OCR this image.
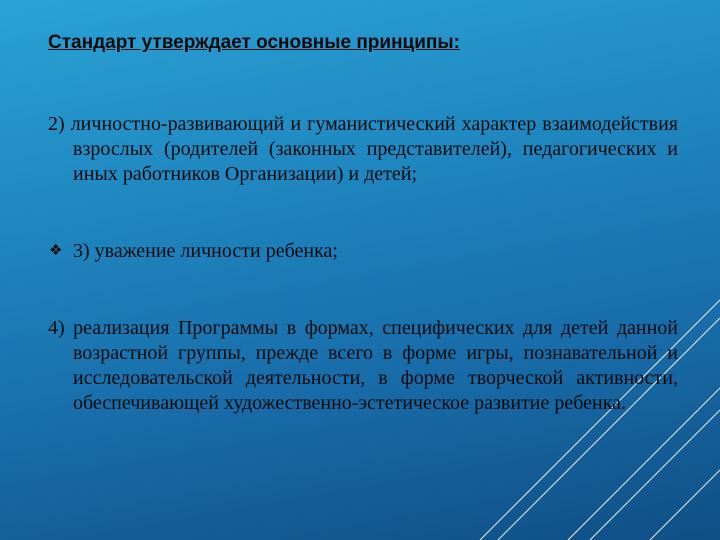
Стандарт утверждает основные принципы:

2) личностно-развивающий и гуманистический характер взаимодействия взрослых (родителей (законных представителей), педагогических и иных работников Организации) и детей;

❖ 3) уважение личности ребенка;

4) реализация Программы в формах, специфических для детей данной возрастной группы, прежде всего в форме игры, познавательной и исследовательской деятельности, в форме творческой активности, обеспечивающей художественно-эстетическое развитие ребенка.
